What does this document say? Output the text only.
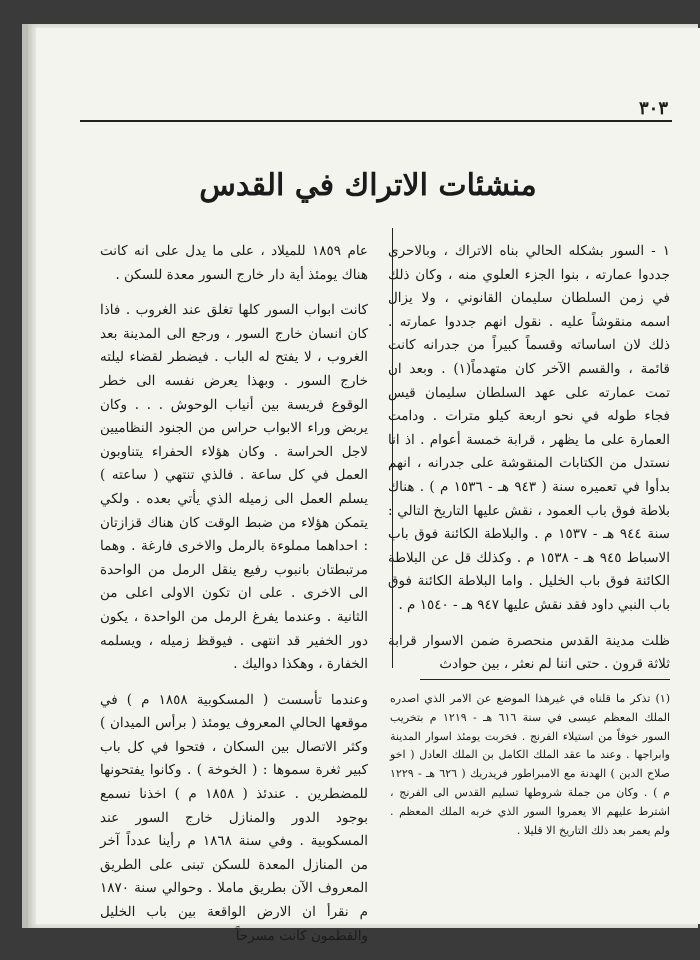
٣٠٣
منشئات الاتراك في القدس

١ - السور بشكله الحالي بناه الاتراك ، وبالاحرى جددوا عمارته ، بنوا الجزء العلوي منه ، وكان ذلك في زمن السلطان سليمان القانوني ، ولا يزال اسمه منقوشاً عليه . نقول انهم جددوا عمارته . ذلك لان اساساته وقسماً كبيراً من جدرانه كانت قائمة ، والقسم الآخر كان متهدماً(١) . وبعد ان تمت عمارته على عهد السلطان سليمان قيس فجاء طوله في نحو اربعة كيلو مترات . ودامت العمارة على ما يظهر ، قرابة خمسة أعوام . اذ انا نستدل من الكتابات المنقوشة على جدرانه ، انهم بدأوا في تعميره سنة ( ٩٤٣ هـ - ١٥٣٦ م ) . هناك بلاطة فوق باب العمود ، نقش عليها التاريخ التالي : سنة ٩٤٤ هـ - ١٥٣٧ م . والبلاطة الكائنة فوق باب الاسباط ٩٤٥ هـ - ١٥٣٨ م . وكذلك قل عن البلاطة الكائنة فوق باب الخليل . واما البلاطة الكائنة فوق باب النبي داود فقد نقش عليها ٩٤٧ هـ - ١٥٤٠ م .

ظلت مدينة القدس منحصرة ضمن الاسوار قرابة ثلاثة قرون . حتى اننا لم نعثر ، بين حوادث

عام ١٨٥٩ للميلاد ، على ما يدل على انه كانت هناك يومئذ أية دار خارج السور معدة للسكن .

كانت ابواب السور كلها تغلق عند الغروب . فاذا كان انسان خارج السور ، ورجع الى المدينة بعد الغروب ، لا يفتح له الباب . فيضطر لقضاء ليلته خارج السور . وبهذا يعرض نفسه الى خطر الوقوع فريسة بين أنياب الوحوش . . . وكان يربض وراء الابواب حراس من الجنود النظاميين لاجل الحراسة . وكان هؤلاء الحفراء يتناوبون العمل في كل ساعة . فالذي تنتهي ( ساعته ) يسلم العمل الى زميله الذي يأتي بعده . ولكي يتمكن هؤلاء من ضبط الوقت كان هناك قزازتان : احداهما مملوءة بالرمل والاخرى فارغة . وهما مرتبطتان بانبوب رفيع ينقل الرمل من الواحدة الى الاخرى . على ان تكون الاولى اعلى من الثانية . وعندما يفرغ الرمل من الواحدة ، يكون دور الخفير قد انتهى . فيوقظ زميله ، ويسلمه الخفارة ، وهكذا دواليك .

وعندما تأسست ( المسكوبية ١٨٥٨ م ) في موقعها الحالي المعروف يومئذ ( برأس الميدان ) وكثر الاتصال بين السكان ، فتحوا في كل باب كبير ثغرة سموها : ( الخوخة ) . وكانوا يفتحونها للمضطرين . عندئذ ( ١٨٥٨ م ) اخذنا نسمع بوجود الدور والمنازل خارج السور عند المسكوبية . وفي سنة ١٨٦٨ م رأينا عدداً آخر من المنازل المعدة للسكن تبنى على الطريق المعروف الآن بطريق ماملا . وحوالي سنة ١٨٧٠ م نقرأ ان الارض الواقعة بين باب الخليل والقطمون كانت مسرحاً

(١) تذكر ما قلناه في غيرهذا الموضع عن الامر الذي اصدره الملك المعظم عيسى في سنة ٦١٦ هـ - ١٢١٩ م بتخريب السور خوفاً من استيلاء الفرنج . فخربت يومئذ اسوار المدينة وابراجها . وعند ما عقد الملك الكامل بن الملك العادل ( اخو صلاح الدين ) الهدنة مع الامبراطور فريدريك ( ٦٢٦ هـ - ١٢٢٩ م ) . وكان من جملة شروطها تسليم القدس الى الفرنج ، اشترط عليهم الا يعمروا السور الذي خربه الملك المعظم . ولم يعمر بعد ذلك التاريخ الا قليلا .
